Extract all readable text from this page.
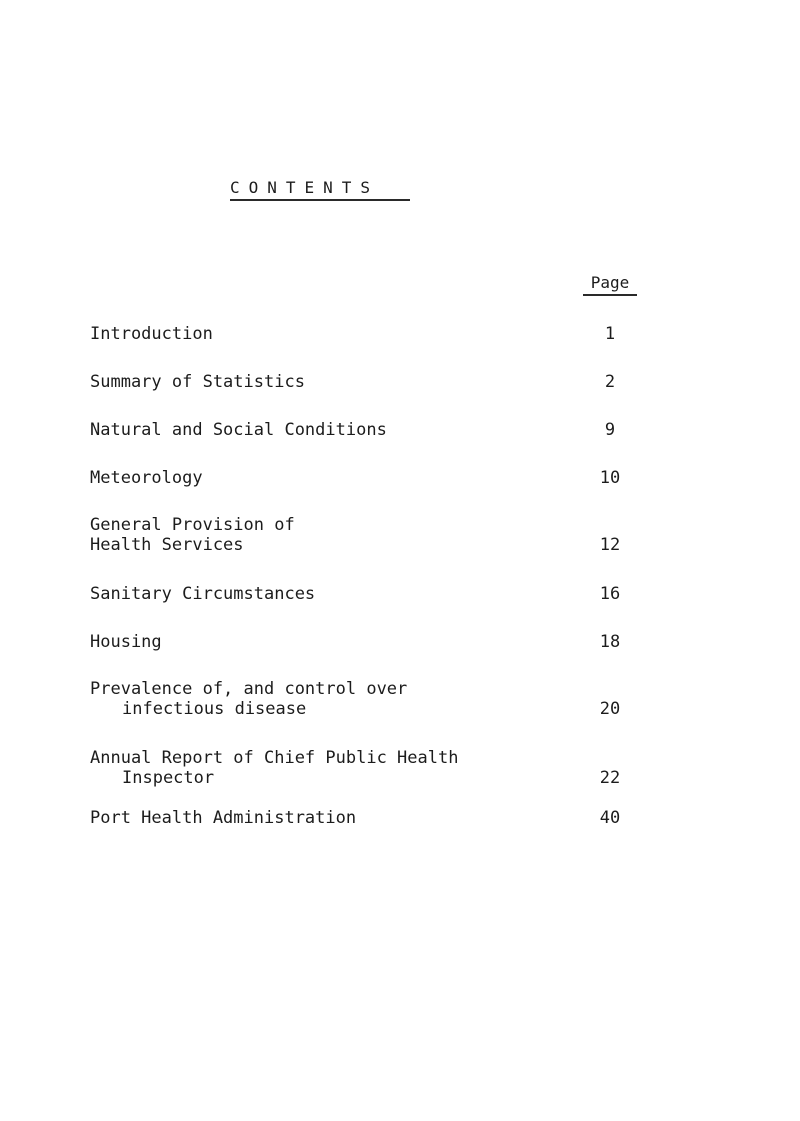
CONTENTS
Page
Introduction	1
Summary of Statistics	2
Natural and Social Conditions	9
Meteorology	10
General Provision of
Health Services	12
Sanitary Circumstances	16
Housing	18
Prevalence of, and control over
infectious disease	20
Annual Report of Chief Public Health
Inspector	22
Port Health Administration	40
